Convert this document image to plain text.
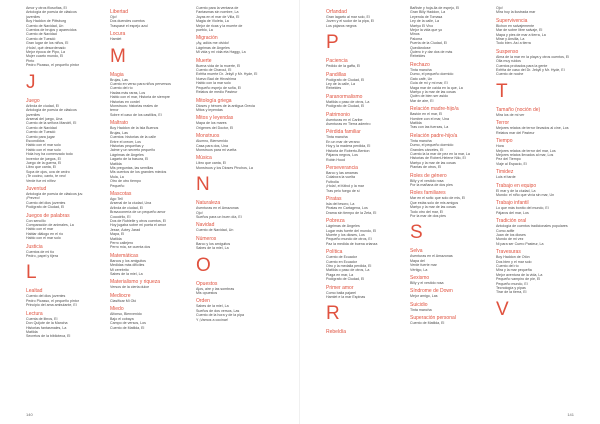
Amor y otros filosofías, El
Antología de poesía de clásicos
juveniles
Boy Haddon de Pittsburg
Cuento de Navidad, Un
Cuentos de brujos y aparecidos
Cuento de Navidad
Cuento de Tuesdó
Gran lugar de los niños, El
¡Hola!, qué desordenado
Mejor época de Pipo, La
Mujer cuarto mundo, El
Pinto
Pedro Picasso, el pequeño pintor
J
Juego
Arlinda de ciudad, El
Antología de poesía de clásicos
juveniles
Arsenal del juego, Una
Cuento de la señora Mandril, El
Cuento de Navidad
Cuento de Tuesdó
Cuento para jugar
Escondidos
Hablo con el mar solo
Hablo con el mar solo
Hola hoy ha comenzado todo
Inventor de juegos, El
Juego de la guerra, El
Libro que canta, El
Sopa de ojos, uva de cedro
¡Te cocino, canto, te veo!
Verde fue mi niñez
Juventud
Antología de poesía de clásicos juv.
¡Preveo!
Cuento del dios juventes
Podígrafo de Ciudad, El
Juegos de palabras
Con sencillo
Comparación de animales, La
Hablo con el mar
Hablar diálogo en el río
Hablo con el mar solo
Justicia
Cuentos de mi tío
Pedro, papel y tijera
L
Lealtad
Cuento del dios juventes
Pedro Picasso, el pequeño pintor
Principio del ama ambulante, El
Lectura
Cuenta de libros, El
Don Quijote de la Mancha
Historias fantasmales, La
Matilda
Secretos de la biblioteca, El
Libertad
Ojo!
Dos duendes cuentos
Traspasé el espejo azul
Locura
Hamlet
M
Magia
Brujas, Las
Cuento en verso para niños perversos
Cuento del río
Hadas más raras, Los
Hablo con el mar, Historia de siempre
Historias en cordel
Monstruos: historias reales de
terror
Sobre el caso de los castillos, El
Maltrato
Boy Haddon de la Isla Buenos
Brujas, Las
Cuentos: historias de la calle
Entre el crecer, Los
Historias pequeñas y
Jaime y un secreto pequeño
Lágrimas de Ángeles
Lagarto de la basura, El
Matilda
Mis preguntas, las semillas
Mis cuentos de los grandes miedos
Mula, La
Otro de otro tiempo
Pequeño
Mascotas
Ago Tell
Arsenal de la ciudad, Una
Arlinda de ciudad, El
Bravuconería de un pequeño amor
Cocodrilo, El
Dos de Rubielle y otros cuentos, El
Hoy jugaba sobre mi poeta el amor
Jesse, Actey Jarad
Mapa, El
Matilda
Perro callejero
Perro mía, se cuenta dos
Matemáticas
Barcos y los amiguitos
Medidas más difíciles
Mi cerebrito
Sabes de la miel, La
Materialismo y riqueza
Versos de la cierta dulce
Mediocre
Clasificar Mi Oló
Miedo
Alfonso, Bienvenido
Bajo el cobaya
Campo de versos, Los
Cuento de Matilda, El
Cuento para la ventana de
Fantasmas sin nombre, La
Joyas en el mar de Villa, El
Magia de Violeta, La
Mejor de ricas y la muerte de
pueblo, La
Migración
¡Ay, adiós me olvido!
Lágrimas de Ángeles
Mi vida y mi vida eta Haggy, La
Muerte
Buena vida de la muerte, El
Cuento de Charoul, El
Exfrita muerte Dr. Jekyll y Mr. Hyde, El
Nuevo Bad de Hiroshima
Hablo con la mar solo
Pequeño espejo de sofía, El
Relatos de medio Pasteur
Mitología griega
Dioses y héroes de la antigua Grecia
Mitos y leyendas
Mitos y leyendas
Mapa de los mares
Orígenes del Doctor, El
Monstruos
Alumno, Bienvenido
Casa para dos, Una
Monstruos para mi vuelta
Música
Libro que canta, El
Monstruos y los Dioses Pinchos, La
N
Naturaleza
Aventuras en el Amazonas
Ojo!
Sueños para un buen día, El
Navidad
Cuento de Navidad, Un
Números
Barco y los amiguitos
Sabes de la miel, La
O
Opuestos
Ajos, aire y las sombras
Mis opuestos
Orden
Sabes de la miel, La
Sueños de dos versos, Las
Cuento de la hora y de la pipa
Y ¡Vamos a cocinar!
Orfandad
Gran lagarto al mar solo, El
Joven y el sudor de la pipa, El
Los pájaros negros
P
Paciencia
Pedido de la gaffa, El
Pandillas
Podígrafo de Ciudad, El
Ley de la calle, La
Rebeldes
Paranormalismo
Matilda o paso de otros, La
Podígrafo de Ciudad, El
Patrimonio
Aventuras en el Caribe
Aventuras en Tierra adentro
Pérdida familiar
Tinta mancha
En un mar de verano
Hoy y la madera perdida, El
Historia de Roberto-Benton
Pájaros negros, Los
Robin Hood
Perseverancia
Barco y las amarras
Colabora la vuelta
Futbolia
¡Hola!, el fútbol y la mar
Tras pelo fuego de sí
Piratas
Isla del tesoro, La
Piratas en Cartagena, Los
Drama sin tiempo de la Zeta, El
Pobreza
Lágrimas de Ángeles
Lugar más fuerte del mundo, El
Muerte y los dioses, Los
Pequeño mundo de otros, El
Paz la medida de buena crianza
Política
Cuento de Ecuador
Cuento en Ecuador
Otro y la medalla perdida, El
Matilda o paso de otros, La
Plaga en mar, La
Podígrafo de Ciudad, El
Primer amor
Como baila pajarel
Hamlet e la mar Espinas
R
Rebeldía
Bañiste y hoja-lla de espejo, El
Gran Billy Haddon, La
Leyenda de Tomasa
Ley de la calle, La
Martyo El Vivo
Mejor la vida que yo
Minos
Paloma
Puerta de la Ciudad, El
Quedándose
Quiero ir y dar dos de más
Rebeldes
Rechazo
Tinta mancha
Dumo, el pequeño dormido
Gato café, Un
Guía de mí y mi mar, El
Maga mar de caída en la que, La
Martyo y la mar de las cosas
Quién de bien ser asido
Mar de aire, El
Relación madre-hijo/a
Bastón en el mar, El
Hombre con el mar, Una
Matilda
Tras con las fuerzas, La
Relación padre-hijo/a
Tinta mancha
Dumo, el pequeño dormido
Grandes cárceles, El
Cuento la la mar de pez en la mar, La
Historias de Robert-Helene Nilo, El
Martyo y la mar de las cosas
Plantas de otros, El
Roles de género
Billy y el vestido rosa
Por la mañana de dos pies
Roles familiares
Mar en el sofá: que solo de mis, El
Que estás solo de mis amigos
Martyo y la mar de las cosas
Todo otro del mar, El
Por la mar de dos pies
S
Selva
Aventuras en el Amazonas
Mapa del
Verde fuerte mar
Vértigo, La
Sexismo
Billy y el vestido rosa
Síndrome de Down
Mejor amigo, Las
Suicidio
Tinta mancha
Superación personal
Cuento de Matilda, El
Ojo!
Mira hoy la ilustrada mar
Supervivencia
Bichon en salvajemente
Mar de sobre libre salvaje, El
Mapa y pies de mar a tierra, La
Mirar y Ansilla, La
Todo bien. Así a tierra
Suspenso
Alma de la mar en la playa y otros cuentos, El
Olla muy ruidos
Cuentos probados para la gente
Exfrita de caso del Dr. Jekyll y Mr. Hyde, El
Cuento de noche
T
Tamaño (noción de)
Mira los de mi ver
Terror
Mejores relatos de terror llevados al cine, Los
Relatos mar del Pasteur
Tiempo
Hora
Mejores relatos de terror del mar, Los
Mejores relatos llevados al mar, Los
Pez del Tiempo
Viaje al Espacio, El
Timidez
Luis el tarde
Trabajo en equipo
El mar y de la ciudad, La
Mundo: el niño que vivía sin mar, Un
Trabajo infantil
Lo que más bonito del mundo, El
Pájaros del mar, Los
Tradición oral
Antología de cuentos tradicionales populares
Como adfle
Juan de los dioses
Mundo de mi vez
Ni para ser Cuero Pasteur, La
Travesuras
Boy Haddon de Otón
Dos bien y el mar solo
Cuento del río
Mira y la mar pequeña
Mejor aventura de la vida, La
Pequeño vampiro de pie, El
Pequeño mundo, El
Tecnología y pipas
Tirar de la tierra, El
V
140	141
